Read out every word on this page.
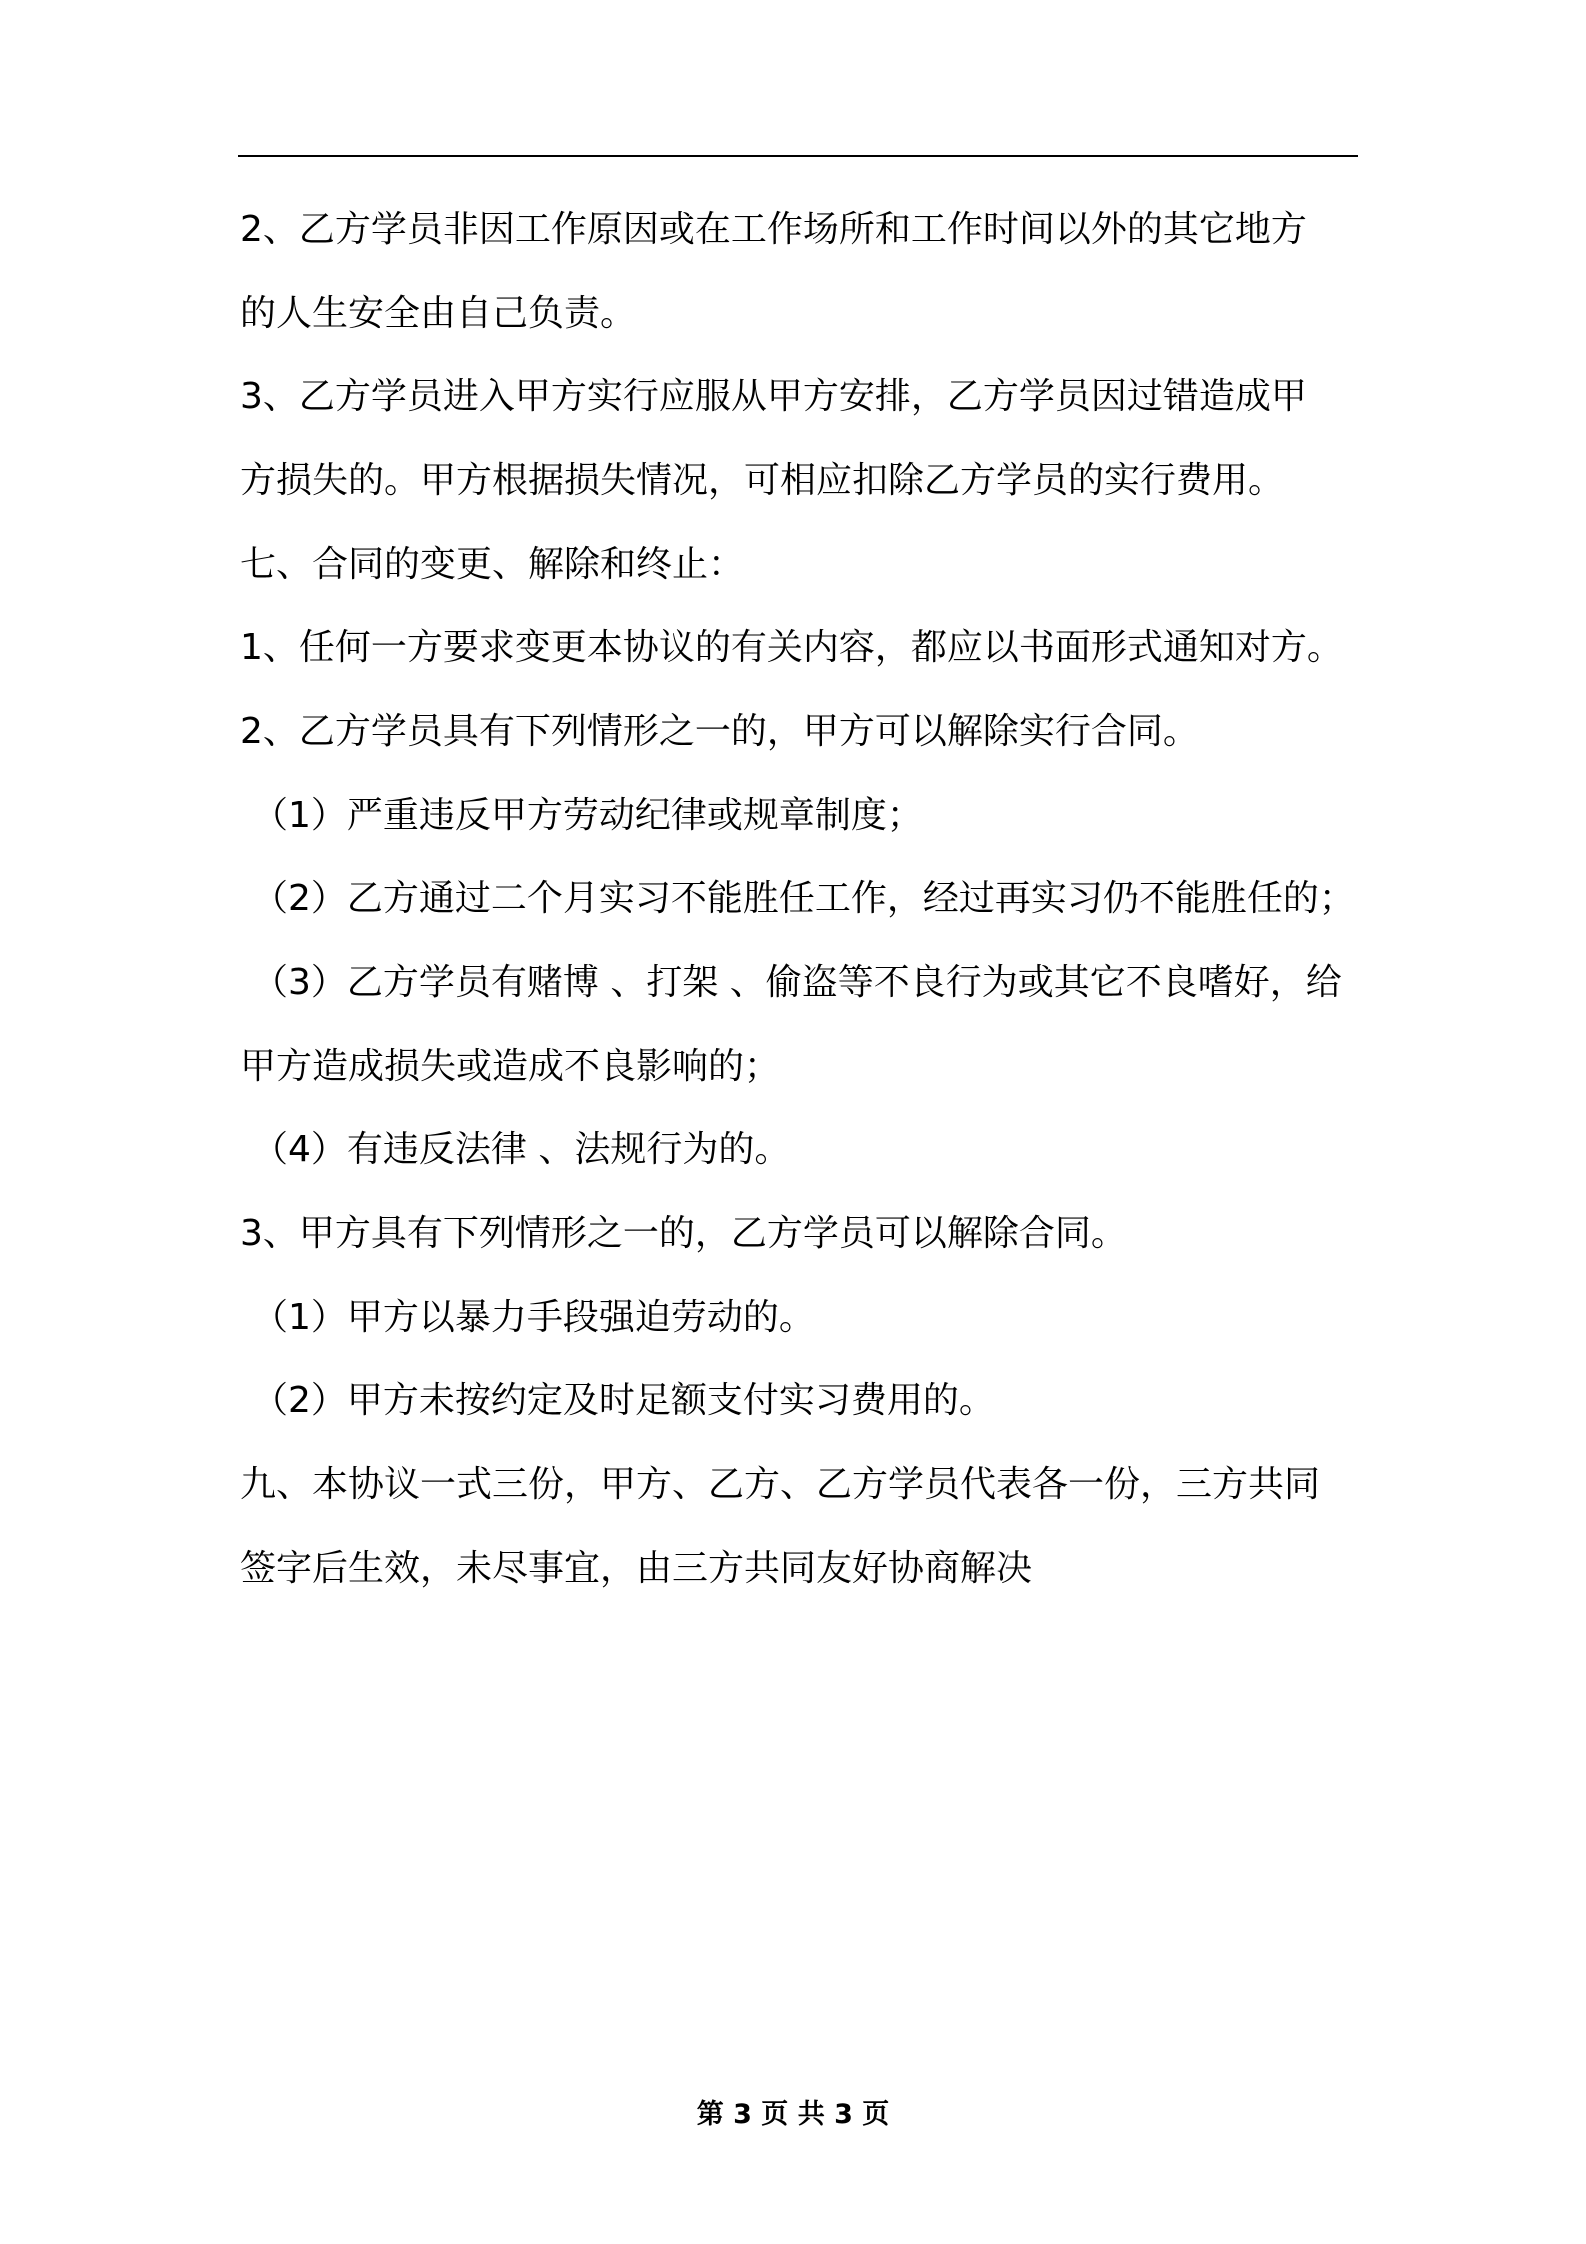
2、乙方学员非因工作原因或在工作场所和工作时间以外的其它地方
的人生安全由自己负责。
3、乙方学员进入甲方实行应服从甲方安排，乙方学员因过错造成甲
方损失的。甲方根据损失情况，可相应扣除乙方学员的实行费用。
七、合同的变更、解除和终止：
1、任何一方要求变更本协议的有关内容，都应以书面形式通知对方。
2、乙方学员具有下列情形之一的，甲方可以解除实行合同。
（1）严重违反甲方劳动纪律或规章制度；
（2）乙方通过二个月实习不能胜任工作，经过再实习仍不能胜任的；
（3）乙方学员有赌博 、打架 、偷盗等不良行为或其它不良嗜好，给
甲方造成损失或造成不良影响的；
（4）有违反法律 、法规行为的。
3、甲方具有下列情形之一的，乙方学员可以解除合同。
（1）甲方以暴力手段强迫劳动的。
（2）甲方未按约定及时足额支付实习费用的。
九、本协议一式三份，甲方、乙方、乙方学员代表各一份，三方共同
签字后生效，未尽事宜，由三方共同友好协商解决
第 3 页 共 3 页
